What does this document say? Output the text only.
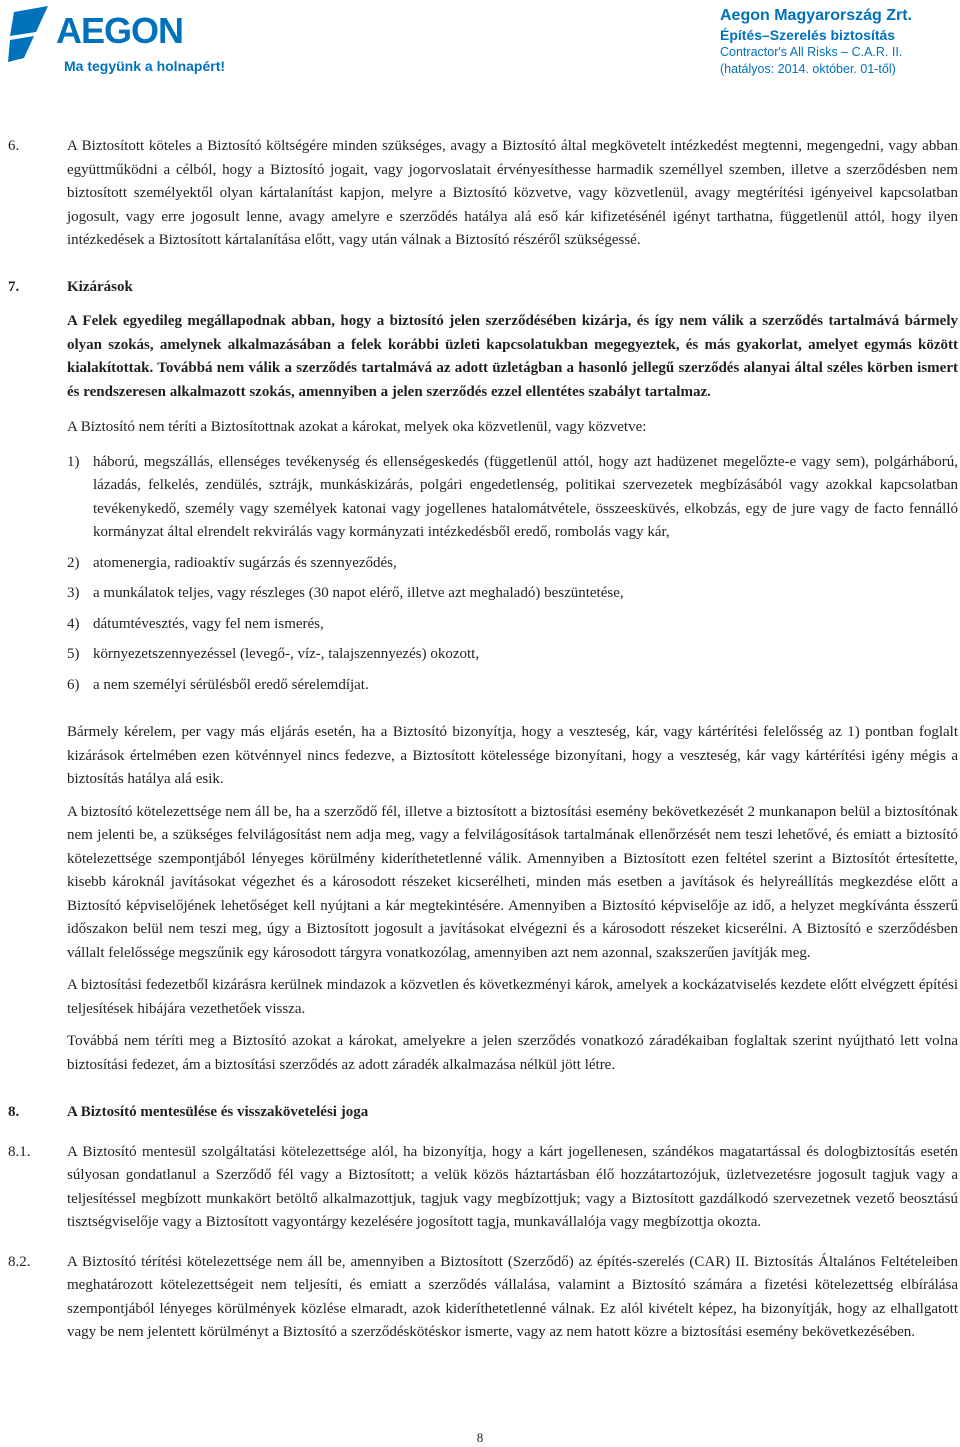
AEGON
Ma tegyünk a holnapért!
Aegon Magyarország Zrt.
Építés–Szerelés biztosítás
Contractor's All Risks – C.A.R. II.
(hatályos: 2014. október. 01-től)
6.	A Biztosított köteles a Biztosító költségére minden szükséges, avagy a Biztosító által megkövetelt intézkedést megtenni, megengedni, vagy abban együttműködni a célból, hogy a Biztosító jogait, vagy jogorvoslatait érvényesíthesse harmadik személlyel szemben, illetve a szerződésben nem biztosított személyektől olyan kártalanítást kapjon, melyre a Biztosító közvetve, vagy közvetlenül, avagy megtérítési igényeivel kapcsolatban jogosult, vagy erre jogosult lenne, avagy amelyre e szerződés hatálya alá eső kár kifizetésénél igényt tarthatna, függetlenül attól, hogy ilyen intézkedések a Biztosított kártalanítása előtt, vagy után válnak a Biztosító részéről szükségessé.

7.	Kizárások

A Felek egyedileg megállapodnak abban, hogy a biztosító jelen szerződésében kizárja, és így nem válik a szerződés tartalmává bármely olyan szokás, amelynek alkalmazásában a felek korábbi üzleti kapcsolatukban megegyeztek, és más gyakorlat, amelyet egymás között kialakítottak. Továbbá nem válik a szerződés tartalmává az adott üzletágban a hasonló jellegű szerződés alanyai által széles körben ismert és rendszeresen alkalmazott szokás, amennyiben a jelen szerződés ezzel ellentétes szabályt tartalmaz.

A Biztosító nem téríti a Biztosítottnak azokat a károkat, melyek oka közvetlenül, vagy közvetve:

1) háború, megszállás, ellenséges tevékenység és ellenségeskedés (függetlenül attól, hogy azt hadüzenet megelőzte-e vagy sem), polgárháború, lázadás, felkelés, zendülés, sztrájk, munkáskizárás, polgári engedetlenség, politikai szervezetek megbízásából vagy azokkal kapcsolatban tevékenykedő, személy vagy személyek katonai vagy jogellenes hatalomátvétele, összeesküvés, elkobzás, egy de jure vagy de facto fennálló kormányzat által elrendelt rekvirálás vagy kormányzati intézkedésből eredő, rombolás vagy kár,
2) atomenergia, radioaktív sugárzás és szennyeződés,
3) a munkálatok teljes, vagy részleges (30 napot elérő, illetve azt meghaladó) beszüntetése,
4) dátumtévesztés, vagy fel nem ismerés,
5) környezetszennyezéssel (levegő-, víz-, talajszennyezés) okozott,
6) a nem személyi sérülésből eredő sérelemdíjat.

Bármely kérelem, per vagy más eljárás esetén, ha a Biztosító bizonyítja, hogy a veszteség, kár, vagy kártérítési felelősség az 1) pontban foglalt kizárások értelmében ezen kötvénnyel nincs fedezve, a Biztosított kötelessége bizonyítani, hogy a veszteség, kár vagy kártérítési igény mégis a biztosítás hatálya alá esik.

A biztosító kötelezettsége nem áll be, ha a szerződő fél, illetve a biztosított a biztosítási esemény bekövetkezését 2 munkanapon belül a biztosítónak nem jelenti be, a szükséges felvilágosítást nem adja meg, vagy a felvilágosítások tartalmának ellenőrzését nem teszi lehetővé, és emiatt a biztosító kötelezettsége szempontjából lényeges körülmény kideríthetetlenné válik. Amennyiben a Biztosított ezen feltétel szerint a Biztosítót értesítette, kisebb károknál javításokat végezhet és a károsodott részeket kicserélheti, minden más esetben a javítások és helyreállítás megkezdése előtt a Biztosító képviselőjének lehetőséget kell nyújtani a kár megtekintésére. Amennyiben a Biztosító képviselője az idő, a helyzet megkívánta ésszerű időszakon belül nem teszi meg, úgy a Biztosított jogosult a javításokat elvégezni és a károsodott részeket kicserélni. A Biztosító e szerződésben vállalt felelőssége megszűnik egy károsodott tárgyra vonatkozólag, amennyiben azt nem azonnal, szakszerűen javítják meg.

A biztosítási fedezetből kizárásra kerülnek mindazok a közvetlen és következményi károk, amelyek a kockázatviselés kezdete előtt elvégzett építési teljesítések hibájára vezethetőek vissza.

Továbbá nem téríti meg a Biztosító azokat a károkat, amelyekre a jelen szerződés vonatkozó záradékaiban foglaltak szerint nyújtható lett volna biztosítási fedezet, ám a biztosítási szerződés az adott záradék alkalmazása nélkül jött létre.

8.	A Biztosító mentesülése és visszakövetelési joga

8.1. A Biztosító mentesül szolgáltatási kötelezettsége alól, ha bizonyítja, hogy a kárt jogellenesen, szándékos magatartással és dologbiztosítás esetén súlyosan gondatlanul a Szerződő fél vagy a Biztosított; a velük közös háztartásban élő hozzátartozójuk, üzletvezetésre jogosult tagjuk vagy a teljesítéssel megbízott munkakört betöltő alkalmazottjuk, tagjuk vagy megbízottjuk; vagy a Biztosított gazdálkodó szervezetnek vezető beosztású tisztségviselője vagy a Biztosított vagyontárgy kezelésére jogosított tagja, munkavállalója vagy megbízottja okozta.

8.2. A Biztosító térítési kötelezettsége nem áll be, amennyiben a Biztosított (Szerződő) az építés-szerelés (CAR) II. Biztosítás Általános Feltételeiben meghatározott kötelezettségeit nem teljesíti, és emiatt a szerződés vállalása, valamint a Biztosító számára a fizetési kötelezettség elbírálása szempontjából lényeges körülmények közlése elmaradt, azok kideríthetetlenné válnak. Ez alól kivételt képez, ha bizonyítják, hogy az elhallgatott vagy be nem jelentett körülményt a Biztosító a szerződéskötéskor ismerte, vagy az nem hatott közre a biztosítási esemény bekövetkezésében.

8
